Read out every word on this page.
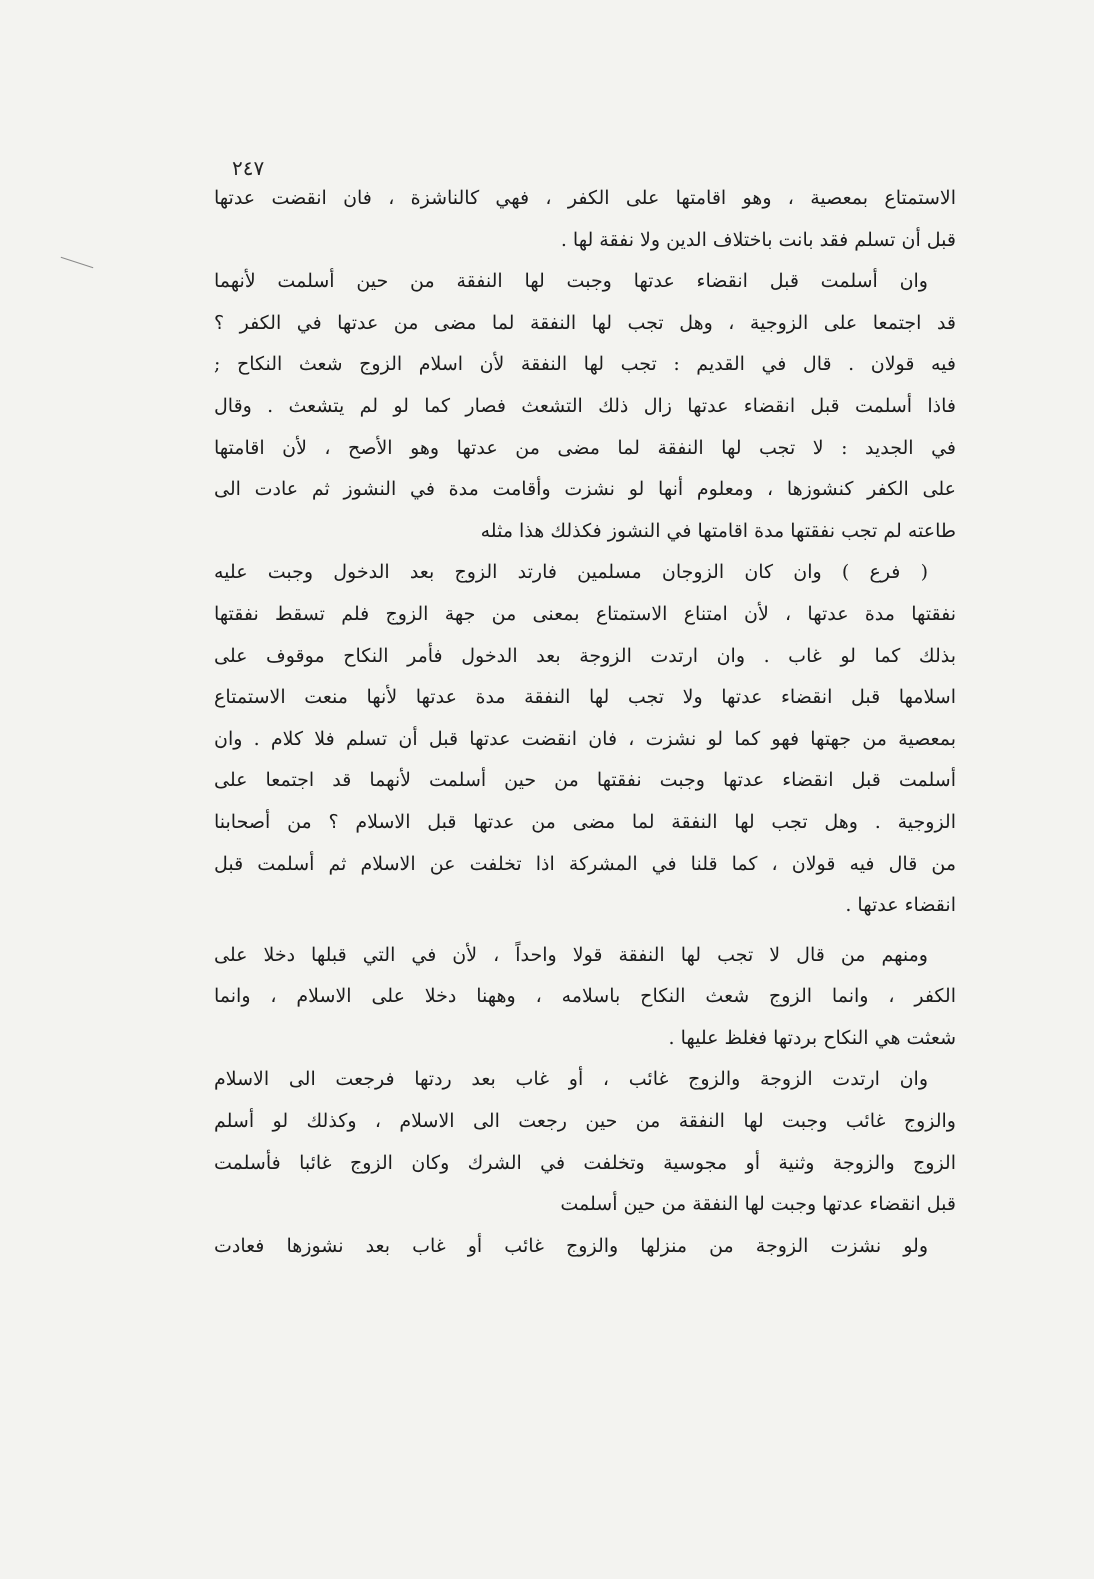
٢٤٧
الاستمتاع بمعصية ، وهو اقامتها على الكفر ، فهي كالناشزة ، فان انقضت عدتها
قبل أن تسلم فقد بانت باختلاف الدين ولا نفقة لها .
وان أسلمت قبل انقضاء عدتها وجبت لها النفقة من حين أسلمت لأنهما
قد اجتمعا على الزوجية ، وهل تجب لها النفقة لما مضى من عدتها في الكفر ؟
فيه قولان . قال في القديم : تجب لها النفقة لأن اسلام الزوج شعث النكاح ;
فاذا أسلمت قبل انقضاء عدتها زال ذلك التشعث فصار كما لو لم يتشعث . وقال
في الجديد : لا تجب لها النفقة لما مضى من عدتها وهو الأصح ، لأن اقامتها
على الكفر كنشوزها ، ومعلوم أنها لو نشزت وأقامت مدة في النشوز ثم عادت الى
طاعته لم تجب نفقتها مدة اقامتها في النشوز فكذلك هذا مثله
( فرع ) وان كان الزوجان مسلمين فارتد الزوج بعد الدخول وجبت عليه
نفقتها مدة عدتها ، لأن امتناع الاستمتاع بمعنى من جهة الزوج فلم تسقط نفقتها
بذلك كما لو غاب . وان ارتدت الزوجة بعد الدخول فأمر النكاح موقوف على
اسلامها قبل انقضاء عدتها ولا تجب لها النفقة مدة عدتها لأنها منعت الاستمتاع
بمعصية من جهتها فهو كما لو نشزت ، فان انقضت عدتها قبل أن تسلم فلا كلام . وان
أسلمت قبل انقضاء عدتها وجبت نفقتها من حين أسلمت لأنهما قد اجتمعا على
الزوجية . وهل تجب لها النفقة لما مضى من عدتها قبل الاسلام ؟ من أصحابنا
من قال فيه قولان ، كما قلنا في المشركة اذا تخلفت عن الاسلام ثم أسلمت قبل
انقضاء عدتها .
ومنهم من قال لا تجب لها النفقة قولا واحداً ، لأن في التي قبلها دخلا على
الكفر ، وانما الزوج شعث النكاح باسلامه ، وههنا دخلا على الاسلام ، وانما
شعثت هي النكاح بردتها فغلظ عليها .
وان ارتدت الزوجة والزوج غائب ، أو غاب بعد ردتها فرجعت الى الاسلام
والزوج غائب وجبت لها النفقة من حين رجعت الى الاسلام ، وكذلك لو أسلم
الزوج والزوجة وثنية أو مجوسية وتخلفت في الشرك وكان الزوج غائبا فأسلمت
قبل انقضاء عدتها وجبت لها النفقة من حين أسلمت
ولو نشزت الزوجة من منزلها والزوج غائب أو غاب بعد نشوزها فعادت
